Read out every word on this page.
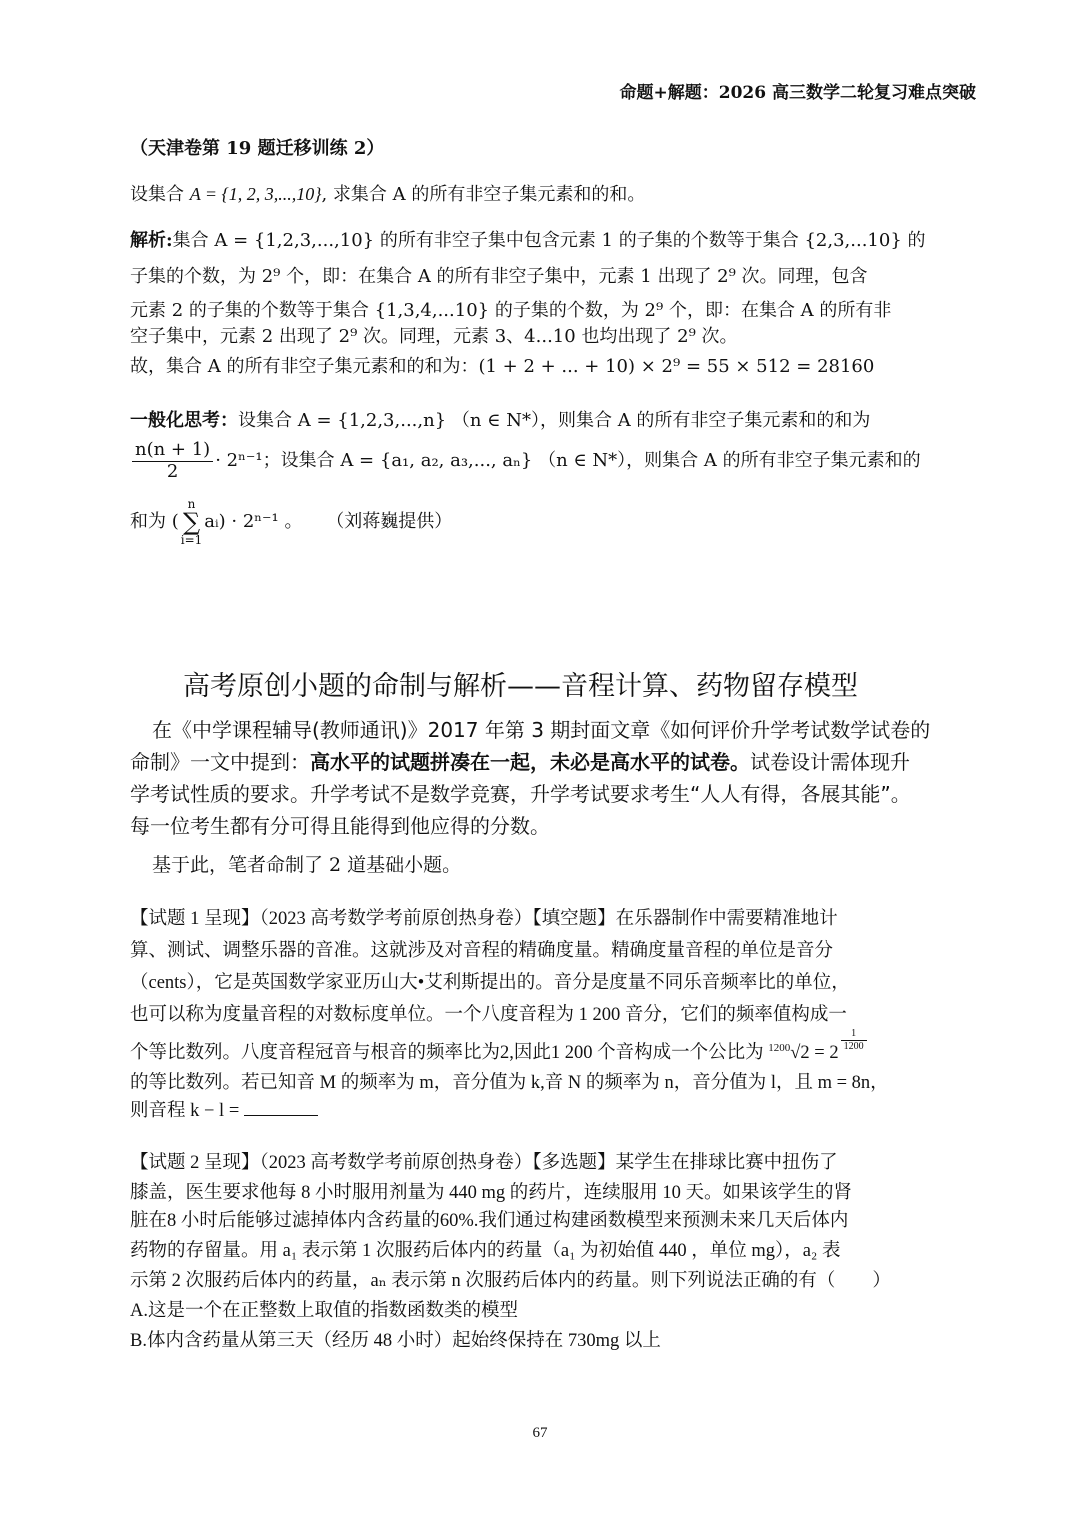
命题+解题：2026 高三数学二轮复习难点突破
（天津卷第 19 题迁移训练 2）
设集合 A = {1, 2, 3,...,10}, 求集合 A 的所有非空子集元素和的和。
解析:集合 A = {1,2,3,...,10} 的所有非空子集中包含元素 1 的子集的个数等于集合 {2,3,...10} 的
子集的个数，为 2⁹ 个，即：在集合 A 的所有非空子集中，元素 1 出现了 2⁹ 次。同理，包含
元素 2 的子集的个数等于集合 {1,3,4,...10} 的子集的个数，为 2⁹ 个，即：在集合 A 的所有非
空子集中，元素 2 出现了 2⁹ 次。同理，元素 3、4...10 也均出现了 2⁹ 次。
故，集合 A 的所有非空子集元素和的和为：(1 + 2 + ... + 10) × 2⁹ = 55 × 512 = 28160
一般化思考：设集合 A = {1,2,3,...,n} （n ∈ N*），则集合 A 的所有非空子集元素和的和为
$\frac{n(n + 1)}{2} \cdot 2^{n-1}$；设集合 A = {a₁, a₂, a₃,..., aₙ} （n ∈ N*），则集合 A 的所有非空子集元素和的
和为 (n
∑
i=1aᵢ) · 2ⁿ⁻¹ 。 （刘蒋巍提供）
高考原创小题的命制与解析——音程计算、药物留存模型
在《中学课程辅导(教师通讯)》2017 年第 3 期封面文章《如何评价升学考试数学试卷的
命制》一文中提到：高水平的试题拼凑在一起，未必是高水平的试卷。试卷设计需体现升
学考试性质的要求。升学考试不是数学竞赛，升学考试要求考生“人人有得，各展其能”。
每一位考生都有分可得且能得到他应得的分数。
基于此，笔者命制了 2 道基础小题。
【试题 1 呈现】（2023 高考数学考前原创热身卷）【填空题】在乐器制作中需要精准地计
算、测试、调整乐器的音准。这就涉及对音程的精确度量。精确度量音程的单位是音分
（cents），它是英国数学家亚历山大•艾利斯提出的。音分是度量不同乐音频率比的单位，
也可以称为度量音程的对数标度单位。一个八度音程为 1 200 音分，它们的频率值构成一
个等比数列。八度音程冠音与根音的频率比为2,因此1 200 个音构成一个公比为 $^{1200}$√2 = 2
$\frac{1}{1200}$
的等比数列。若已知音 M 的频率为 m，音分值为 k,音 N 的频率为 n，音分值为 l，且 m = 8n，
则音程 k − l =
【试题 2 呈现】（2023 高考数学考前原创热身卷）【多选题】某学生在排球比赛中扭伤了
膝盖，医生要求他每 8 小时服用剂量为 440 mg 的药片，连续服用 10 天。如果该学生的肾
脏在8 小时后能够过滤掉体内含药量的60%.我们通过构建函数模型来预测未来几天后体内
药物的存留量。用 a₁ 表示第 1 次服药后体内的药量（a₁ 为初始值 440 ，单位 mg），a₂ 表
示第 2 次服药后体内的药量，aₙ 表示第 n 次服药后体内的药量。则下列说法正确的有（　　）
A.这是一个在正整数上取值的指数函数类的模型
B.体内含药量从第三天（经历 48 小时）起始终保持在 730mg 以上
67
